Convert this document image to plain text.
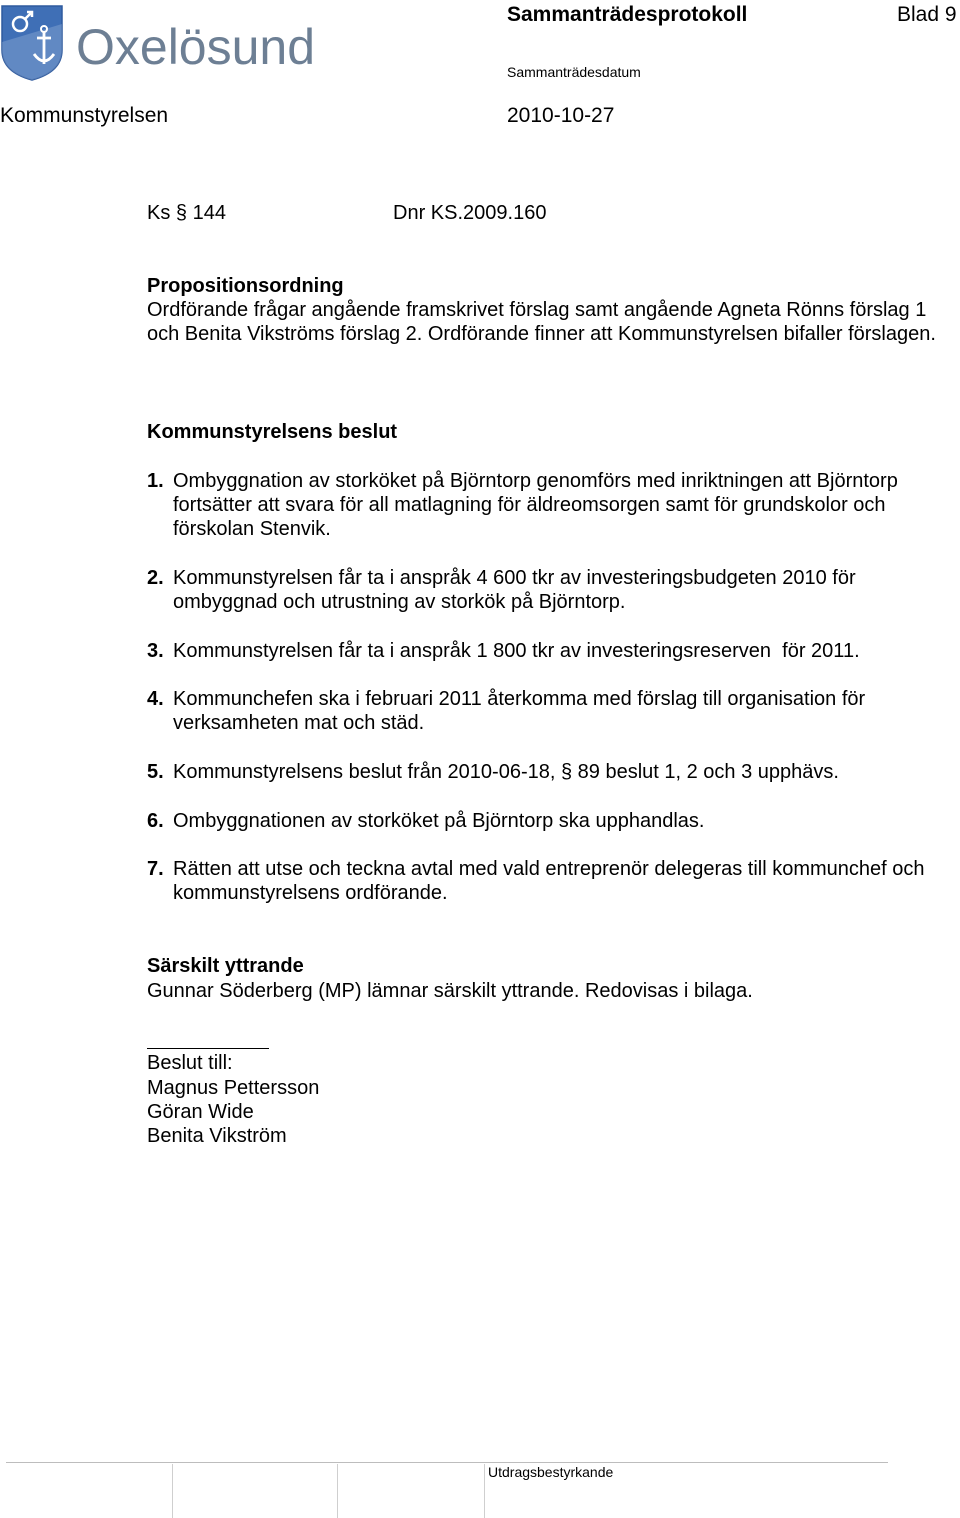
Oxelösund
Sammanträdesprotokoll	Blad 9
Sammanträdesdatum
Kommunstyrelsen	2010-10-27
Ks § 144	Dnr KS.2009.160
Propositionsordning
Ordförande frågar angående framskrivet förslag samt angående Agneta Rönns förslag 1 och Benita Vikströms förslag 2. Ordförande finner att Kommunstyrelsen bifaller förslagen.
Kommunstyrelsens beslut
1. Ombyggnation av storköket på Björntorp genomförs med inriktningen att Björntorp fortsätter att svara för all matlagning för äldreomsorgen samt för grundskolor och förskolan Stenvik.
2. Kommunstyrelsen får ta i anspråk 4 600 tkr av investeringsbudgeten 2010 för ombyggnad och utrustning av storkök på Björntorp.
3. Kommunstyrelsen får ta i anspråk 1 800 tkr av investeringsreserven  för 2011.
4. Kommunchefen ska i februari 2011 återkomma med förslag till organisation för verksamheten mat och städ.
5. Kommunstyrelsens beslut från 2010-06-18, § 89 beslut 1, 2 och 3 upphävs.
6. Ombyggnationen av storköket på Björntorp ska upphandlas.
7. Rätten att utse och teckna avtal med vald entreprenör delegeras till kommunchef och kommunstyrelsens ordförande.
Särskilt yttrande
Gunnar Söderberg (MP) lämnar särskilt yttrande. Redovisas i bilaga.
Beslut till:
Magnus Pettersson
Göran Wide
Benita Vikström
Utdragsbestyrkande
